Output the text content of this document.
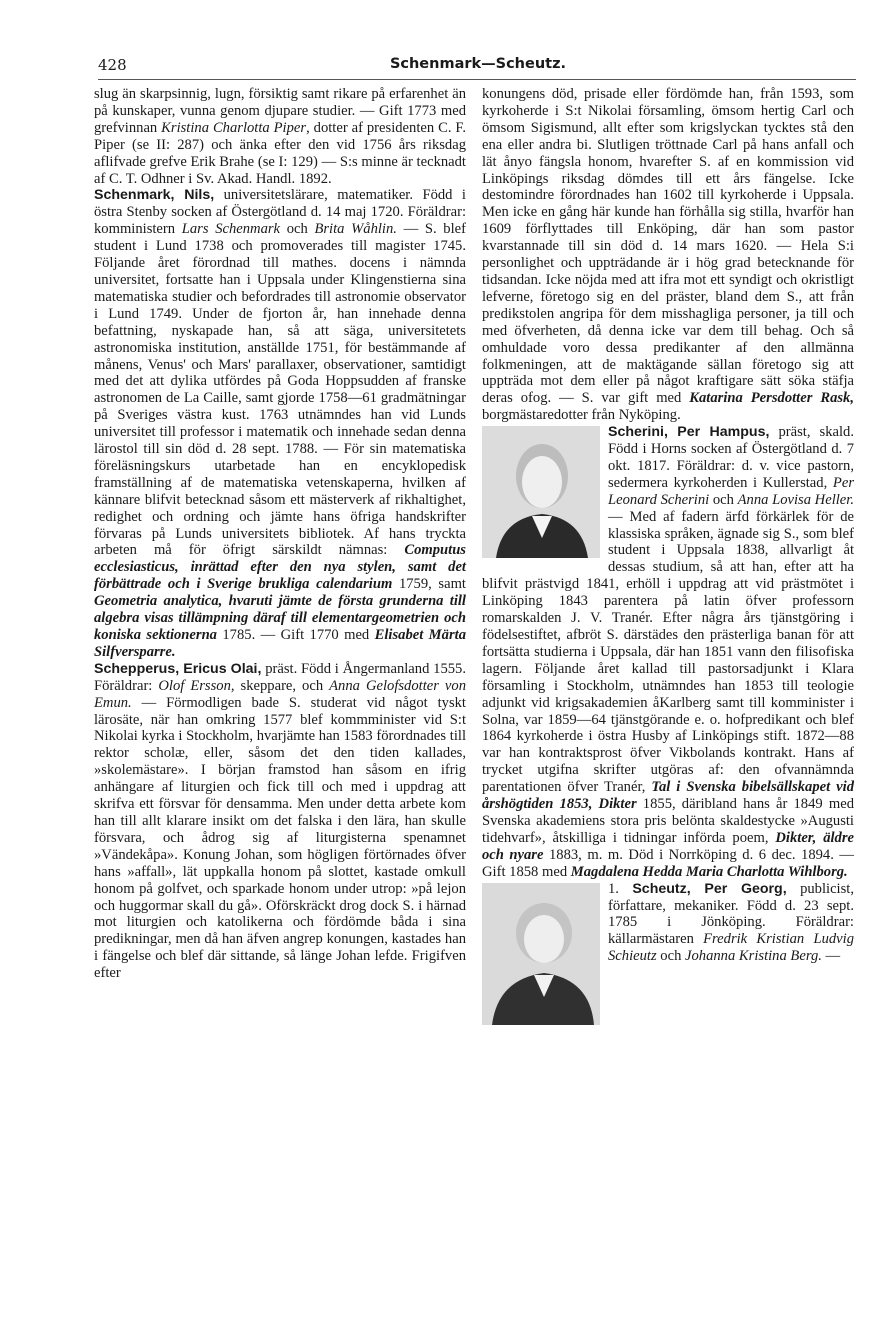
428	Schenmark—Scheutz.

slug än skarpsinnig, lugn, försiktig samt rikare på erfarenhet än på kunskaper, vunna genom djupare studier. — Gift 1773 med grefvinnan Kristina Charlotta Piper, dotter af presidenten C. F. Piper (se II: 287) och änka efter den vid 1756 års riksdag aflifvade grefve Erik Brahe (se I: 129) — S:s minne är tecknadt af C. T. Odhner i Sv. Akad. Handl. 1892.

Schenmark, Nils, universitetslärare, matematiker. Född i östra Stenby socken af Östergötland d. 14 maj 1720. Föräldrar: komministern Lars Schenmark och Brita Wåhlin. — S. blef student i Lund 1738 och promoverades till magister 1745. Följande året förordnad till mathes. docens i nämnda universitet, fortsatte han i Uppsala under Klingenstierna sina matematiska studier och befordrades till astronomie observator i Lund 1749. Under de fjorton år, han innehade denna befattning, nyskapade han, så att säga, universitetets astronomiska institution, anställde 1751, för bestämmande af månens, Venus' och Mars' parallaxer, observationer, samtidigt med det att dylika utfördes på Goda Hoppsudden af franske astronomen de La Caille, samt gjorde 1758—61 gradmätningar på Sveriges västra kust. 1763 utnämndes han vid Lunds universitet till professor i matematik och innehade sedan denna lärostol till sin död d. 28 sept. 1788. — För sin matematiska föreläsningskurs utarbetade han en encyklopedisk framställning af de matematiska vetenskaperna, hvilken af kännare blifvit betecknad såsom ett mästerverk af rikhaltighet, redighet och ordning och jämte hans öfriga handskrifter förvaras på Lunds universitets bibliotek. Af hans tryckta arbeten må för öfrigt särskildt nämnas: Computus ecclesiasticus, inrättad efter den nya stylen, samt det förbättrade och i Sverige brukliga calendarium 1759, samt Geometria analytica, hvaruti jämte de första grunderna till algebra visas tillämpning däraf till elementargeometrien och koniska sektionerna 1785. — Gift 1770 med Elisabet Märta Silfversparre.

Schepperus, Ericus Olai, präst. Född i Ångermanland 1555. Föräldrar: Olof Ersson, skeppare, och Anna Gelofsdotter von Emun. — Förmodligen bade S. studerat vid något tyskt lärosäte, när han omkring 1577 blef kommminister vid S:t Nikolai kyrka i Stockholm, hvarjämte han 1583 förordnades till rektor scholæ, eller, såsom det den tiden kallades, »skolemästare». I början framstod han såsom en ifrig anhängare af liturgien och fick till och med i uppdrag att skrifva ett försvar för densamma. Men under detta arbete kom han till allt klarare insikt om det falska i den lära, han skulle försvara, och ådrog sig af liturgisterna spenamnet »Vändekåpa». Konung Johan, som högligen förtörnades öfver hans »affall», lät uppkalla honom på slottet, kastade omkull honom på golfvet, och sparkade honom under utrop: »på lejon och huggormar skall du gå». Oförskräckt drog dock S. i härnad mot liturgien och katolikerna och fördömde båda i sina predikningar, men då han äfven angrep konungen, kastades han i fängelse och blef där sittande, så länge Johan lefde. Frigifven efter

konungens död, prisade eller fördömde han, från 1593, som kyrkoherde i S:t Nikolai församling, ömsom hertig Carl och ömsom Sigismund, allt efter som krigslyckan tycktes stå den ena eller andra bi. Slutligen tröttnade Carl på hans anfall och lät ånyo fängsla honom, hvarefter S. af en kommission vid Linköpings riksdag dömdes till ett års fängelse. Icke destomindre förordnades han 1602 till kyrkoherde i Uppsala. Men icke en gång här kunde han förhålla sig stilla, hvarför han 1609 förflyttades till Enköping, där han som pastor kvarstannade till sin död d. 14 mars 1620. — Hela S:i personlighet och uppträdande är i hög grad betecknande för tidsandan. Icke nöjda med att ifra mot ett syndigt och okristligt lefverne, företogo sig en del präster, bland dem S., att från predikstolen angripa för dem misshagliga personer, ja till och med öfverheten, då denna icke var dem till behag. Och så omhuldade voro dessa predikanter af den allmänna folkmeningen, att de maktägande sällan företogo sig att uppträda mot dem eller på något kraftigare sätt söka stäfja deras ofog. — S. var gift med Katarina Persdotter Rask, borgmästaredotter från Nyköping.

Scherini, Per Hampus, präst, skald. Född i Horns socken af Östergötland d. 7 okt. 1817. Föräldrar: d. v. vice pastorn, sedermera kyrkoherden i Kullerstad, Per Leonard Scherini och Anna Lovisa Heller. — Med af fadern ärfd förkärlek för de klassiska språken, ägnade sig S., som blef student i Uppsala 1838, allvarligt åt dessas studium, så att han, efter att ha blifvit prästvigd 1841, erhöll i uppdrag att vid prästmötet i Linköping 1843 parentera på latin öfver professorn romarskalden J. V. Tranér. Efter några års tjänstgöring i födelsestiftet, afbröt S. därstädes den prästerliga banan för att fortsätta studierna i Uppsala, där han 1851 vann den filisofiska lagern. Följande året kallad till pastorsadjunkt i Klara församling i Stockholm, utnämndes han 1853 till teologie adjunkt vid krigsakademien åKarlberg samt till komminister i Solna, var 1859—64 tjänstgörande e. o. hofpredikant och blef 1864 kyrkoherde i östra Husby af Linköpings stift. 1872—88 var han kontraktsprost öfver Vikbolands kontrakt. Hans af trycket utgifna skrifter utgöras af: den ofvannämnda parentationen öfver Tranér, Tal i Svenska bibelsällskapet vid årshögtiden 1853, Dikter 1855, däribland hans år 1849 med Svenska akademiens stora pris belönta skaldestycke »Augusti tidehvarf», åtskilliga i tidningar införda poem, Dikter, äldre och nyare 1883, m. m. Död i Norrköping d. 6 dec. 1894. — Gift 1858 med Magdalena Hedda Maria Charlotta Wihlborg.

1. Scheutz, Per Georg, publicist, författare, mekaniker. Född d. 23 sept. 1785 i Jönköping. Föräldrar: källarmästaren Fredrik Kristian Ludvig Schieutz och Johanna Kristina Berg. —
